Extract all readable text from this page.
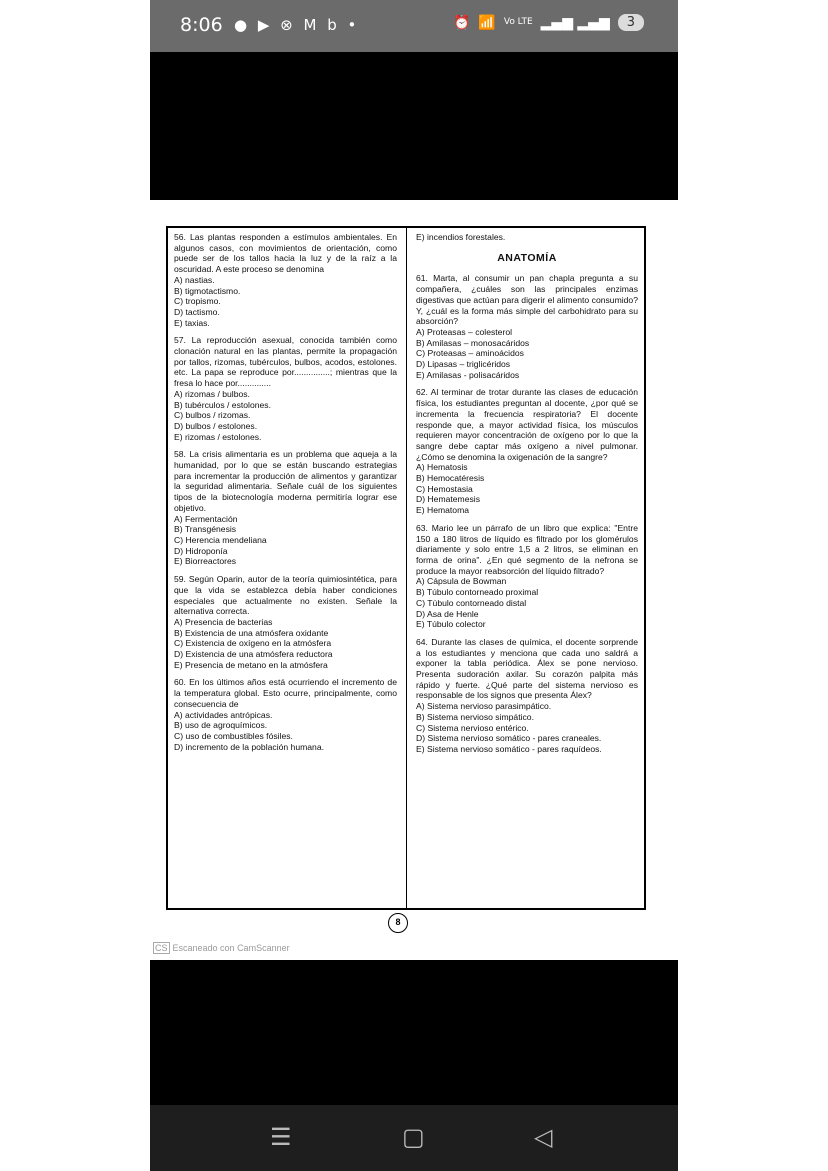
8:06 ● ▶ ⊗ M b •	⏰ 📶 Vo LTE ▂▄▆ ▂▄▆	3
56. Las plantas responden a estímulos ambientales. En algunos casos, con movimientos de orientación, como puede ser de los tallos hacia la luz y de la raíz a la oscuridad. A este proceso se denomina
A) nastias.
B) tigmotactismo.
C) tropismo.
D) tactismo.
E) taxias.
57. La reproducción asexual, conocida también como clonación natural en las plantas, permite la propagación por tallos, rizomas, tubérculos, bulbos, acodos, estolones. etc. La papa se reproduce por...............; mientras que la fresa lo hace por..............
A) rizomas / bulbos.
B) tubérculos / estolones.
C) bulbos / rizomas.
D) bulbos / estolones.
E) rizomas / estolones.
58. La crisis alimentaria es un problema que aqueja a la humanidad, por lo que se están buscando estrategias para incrementar la producción de alimentos y garantizar la seguridad alimentaria. Señale cuál de los siguientes tipos de la biotecnología moderna permitiría lograr ese objetivo.
A) Fermentación
B) Transgénesis
C) Herencia mendeliana
D) Hidroponía
E) Biorreactores
59. Según Oparin, autor de la teoría quimiosintética, para que la vida se establezca debía haber condiciones especiales que actualmente no existen. Señale la alternativa correcta.
A) Presencia de bacterias
B) Existencia de una atmósfera oxidante
C) Existencia de oxígeno en la atmósfera
D) Existencia de una atmósfera reductora
E) Presencia de metano en la atmósfera
60. En los últimos años está ocurriendo el incremento de la temperatura global. Esto ocurre, principalmente, como consecuencia de
A) actividades antrópicas.
B) uso de agroquímicos.
C) uso de combustibles fósiles.
D) incremento de la población humana.
E) incendios forestales.
ANATOMÍA
61. Marta, al consumir un pan chapla pregunta a su compañera, ¿cuáles son las principales enzimas digestivas que actúan para digerir el alimento consumido? Y, ¿cuál es la forma más simple del carbohidrato para su absorción?
A) Proteasas – colesterol
B) Amilasas – monosacáridos
C) Proteasas – aminoácidos
D) Lipasas – triglicéridos
E) Amilasas - polisacáridos
62. Al terminar de trotar durante las clases de educación física, los estudiantes preguntan al docente, ¿por qué se incrementa la frecuencia respiratoria? El docente responde que, a mayor actividad física, los músculos requieren mayor concentración de oxígeno por lo que la sangre debe captar más oxígeno a nivel pulmonar. ¿Cómo se denomina la oxigenación de la sangre?
A) Hematosis
B) Hemocatéresis
C) Hemostasia
D) Hematemesis
E) Hematoma
63. Mario lee un párrafo de un libro que explica: "Entre 150 a 180 litros de líquido es filtrado por los glomérulos diariamente y solo entre 1,5 a 2 litros, se eliminan en forma de orina". ¿En qué segmento de la nefrona se produce la mayor reabsorción del líquido filtrado?
A) Cápsula de Bowman
B) Túbulo contorneado proximal
C) Túbulo contorneado distal
D) Asa de Henle
E) Túbulo colector
64. Durante las clases de química, el docente sorprende a los estudiantes y menciona que cada uno saldrá a exponer la tabla periódica. Álex se pone nervioso. Presenta sudoración axilar. Su corazón palpita más rápido y fuerte. ¿Qué parte del sistema nervioso es responsable de los signos que presenta Álex?
A) Sistema nervioso parasimpático.
B) Sistema nervioso simpático.
C) Sistema nervioso entérico.
D) Sistema nervioso somático - pares craneales.
E) Sistema nervioso somático - pares raquídeos.
8
CS Escaneado con CamScanner
☰	▢	◁
